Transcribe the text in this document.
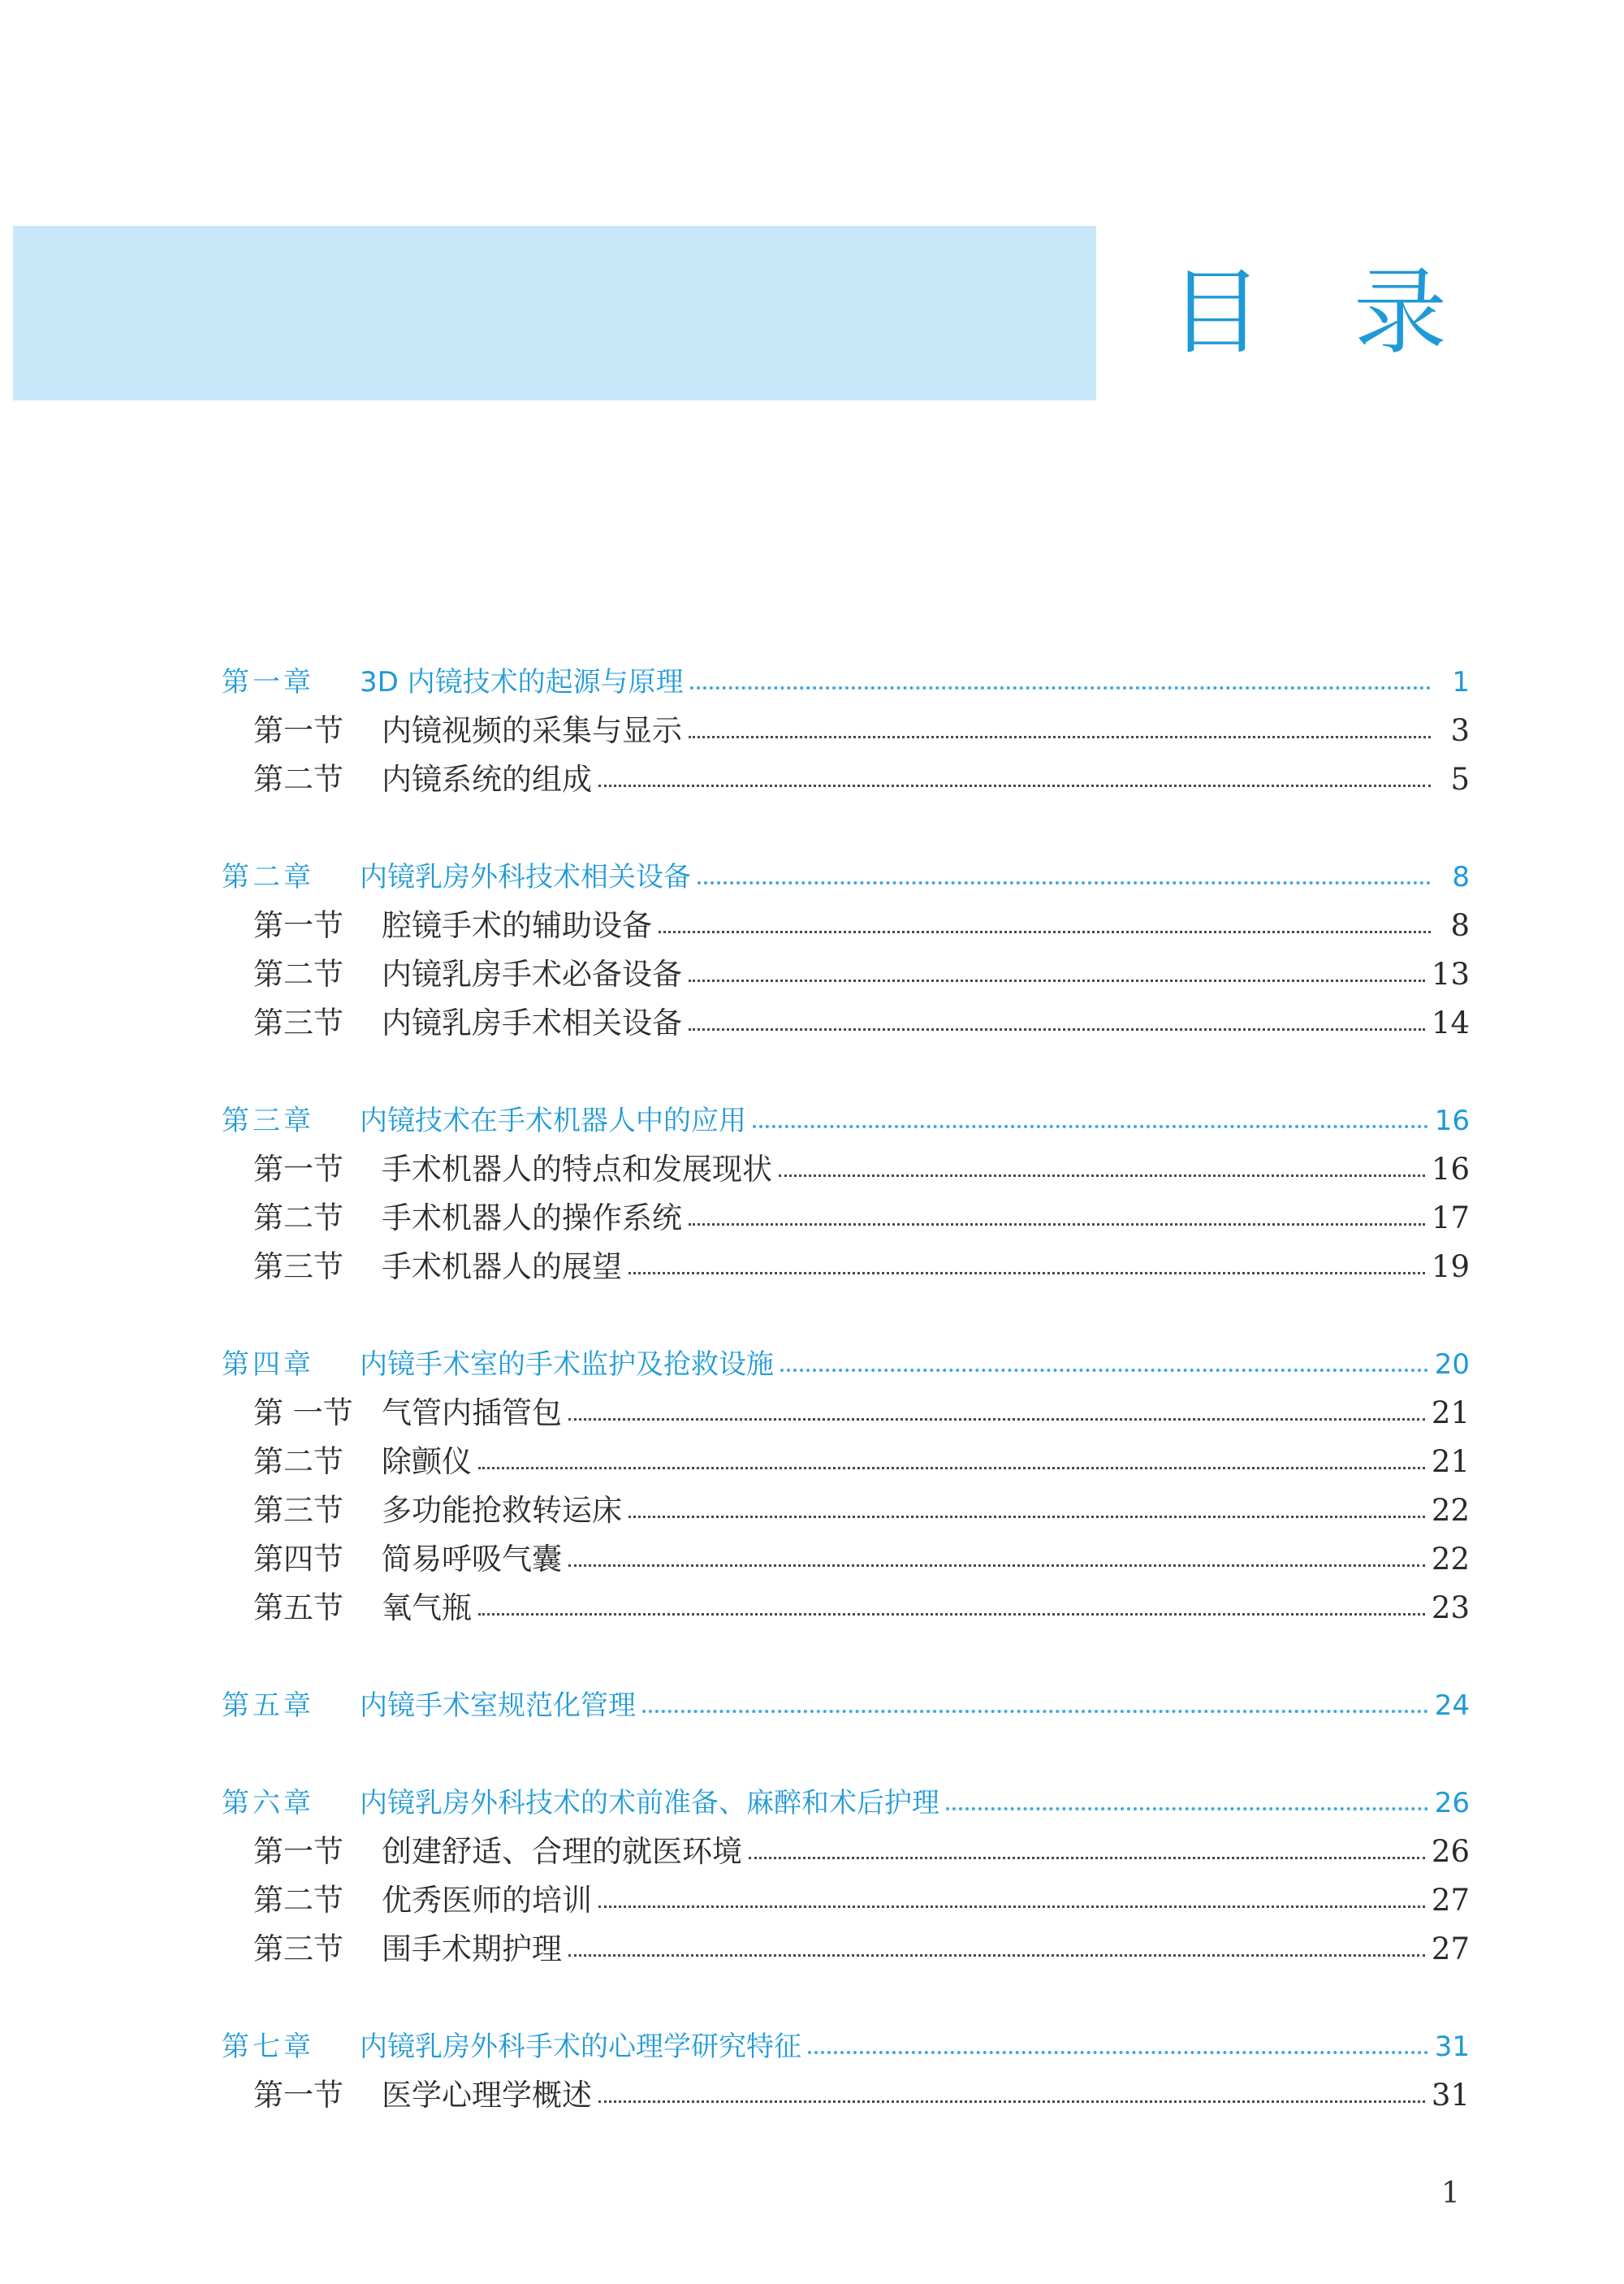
目 录
第一章	3D 内镜技术的起源与原理	1
第一节	内镜视频的采集与显示	3
第二节	内镜系统的组成	5
第二章	内镜乳房外科技术相关设备	8
第一节	腔镜手术的辅助设备	8
第二节	内镜乳房手术必备设备	13
第三节	内镜乳房手术相关设备	14
第三章	内镜技术在手术机器人中的应用	16
第一节	手术机器人的特点和发展现状	16
第二节	手术机器人的操作系统	17
第三节	手术机器人的展望	19
第四章	内镜手术室的手术监护及抢救设施	20
第 一节 气管内插管包	21
第二节	除颤仪	21
第三节	多功能抢救转运床	22
第四节	简易呼吸气囊	22
第五节	氧气瓶	23
第五章	内镜手术室规范化管理	24
第六章	内镜乳房外科技术的术前准备、麻醉和术后护理	26
第一节	创建舒适、合理的就医环境	26
第二节	优秀医师的培训	27
第三节	围手术期护理	27
第七章	内镜乳房外科手术的心理学研究特征	31
第一节	医学心理学概述	31
1
